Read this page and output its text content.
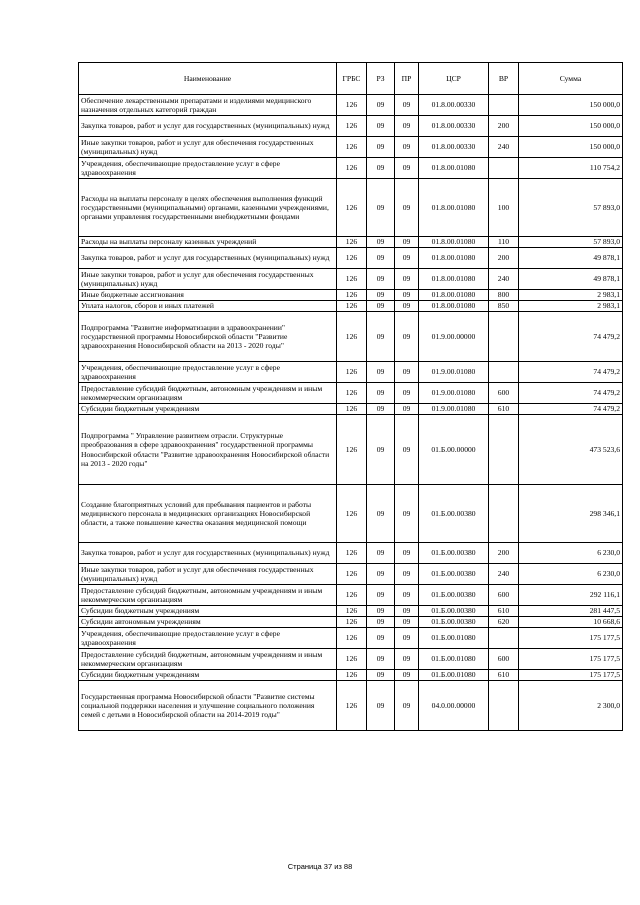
Наименование	ГРБС	РЗ	ПР	ЦСР	ВР	Сумма
Обеспечение лекарственными препаратами и изделиями медицинского назначения отдельных категорий граждан	126	09	09	01.8.00.00330		150 000,0
Закупка товаров, работ и услуг для государственных (муниципальных) нужд	126	09	09	01.8.00.00330	200	150 000,0
Иные закупки товаров, работ и услуг для обеспечения государственных (муниципальных) нужд	126	09	09	01.8.00.00330	240	150 000,0
Учреждения, обеспечивающие предоставление услуг в сфере здравоохранения	126	09	09	01.8.00.01080		110 754,2
Расходы на выплаты персоналу в целях обеспечения выполнения функций государственными (муниципальными) органами, казенными учреждениями, органами управления государственными внебюджетными фондами	126	09	09	01.8.00.01080	100	57 893,0
Расходы на выплаты персоналу казенных учреждений	126	09	09	01.8.00.01080	110	57 893,0
Закупка товаров, работ и услуг для государственных (муниципальных) нужд	126	09	09	01.8.00.01080	200	49 878,1
Иные закупки товаров, работ и услуг для обеспечения государственных (муниципальных) нужд	126	09	09	01.8.00.01080	240	49 878,1
Иные бюджетные ассигнования	126	09	09	01.8.00.01080	800	2 983,1
Уплата налогов, сборов и иных платежей	126	09	09	01.8.00.01080	850	2 983,1
Подпрограмма "Развитие информатизации в здравоохранении" государственной программы Новосибирской области "Развитие здравоохранения Новосибирской области на 2013 - 2020 годы"	126	09	09	01.9.00.00000		74 479,2
Учреждения, обеспечивающие предоставление услуг в сфере здравоохранения	126	09	09	01.9.00.01080		74 479,2
Предоставление субсидий бюджетным, автономным учреждениям и иным некоммерческим организациям	126	09	09	01.9.00.01080	600	74 479,2
Субсидии бюджетным учреждениям	126	09	09	01.9.00.01080	610	74 479,2
Подпрограмма " Управление развитием отрасли. Структурные преобразования в сфере здравоохранения" государственной программы Новосибирской области "Развитие здравоохранения Новосибирской области на 2013 - 2020 годы"	126	09	09	01.Б.00.00000		473 523,6
Создание благоприятных условий для пребывания пациентов и работы медицинского персонала в медицинских организациях Новосибирской области, а также повышение качества оказания медицинской помощи	126	09	09	01.Б.00.00380		298 346,1
Закупка товаров, работ и услуг для государственных (муниципальных) нужд	126	09	09	01.Б.00.00380	200	6 230,0
Иные закупки товаров, работ и услуг для обеспечения государственных (муниципальных) нужд	126	09	09	01.Б.00.00380	240	6 230,0
Предоставление субсидий бюджетным, автономным учреждениям и иным некоммерческим организациям	126	09	09	01.Б.00.00380	600	292 116,1
Субсидии бюджетным учреждениям	126	09	09	01.Б.00.00380	610	281 447,5
Субсидии автономным учреждениям	126	09	09	01.Б.00.00380	620	10 668,6
Учреждения, обеспечивающие предоставление услуг в сфере здравоохранения	126	09	09	01.Б.00.01080		175 177,5
Предоставление субсидий бюджетным, автономным учреждениям и иным некоммерческим организациям	126	09	09	01.Б.00.01080	600	175 177,5
Субсидии бюджетным учреждениям	126	09	09	01.Б.00.01080	610	175 177,5
Государственная программа Новосибирской области "Развитие системы социальной поддержки населения и улучшение социального положения семей с детьми в Новосибирской области на 2014-2019 годы"	126	09	09	04.0.00.00000		2 300,0
Страница 37 из 88
